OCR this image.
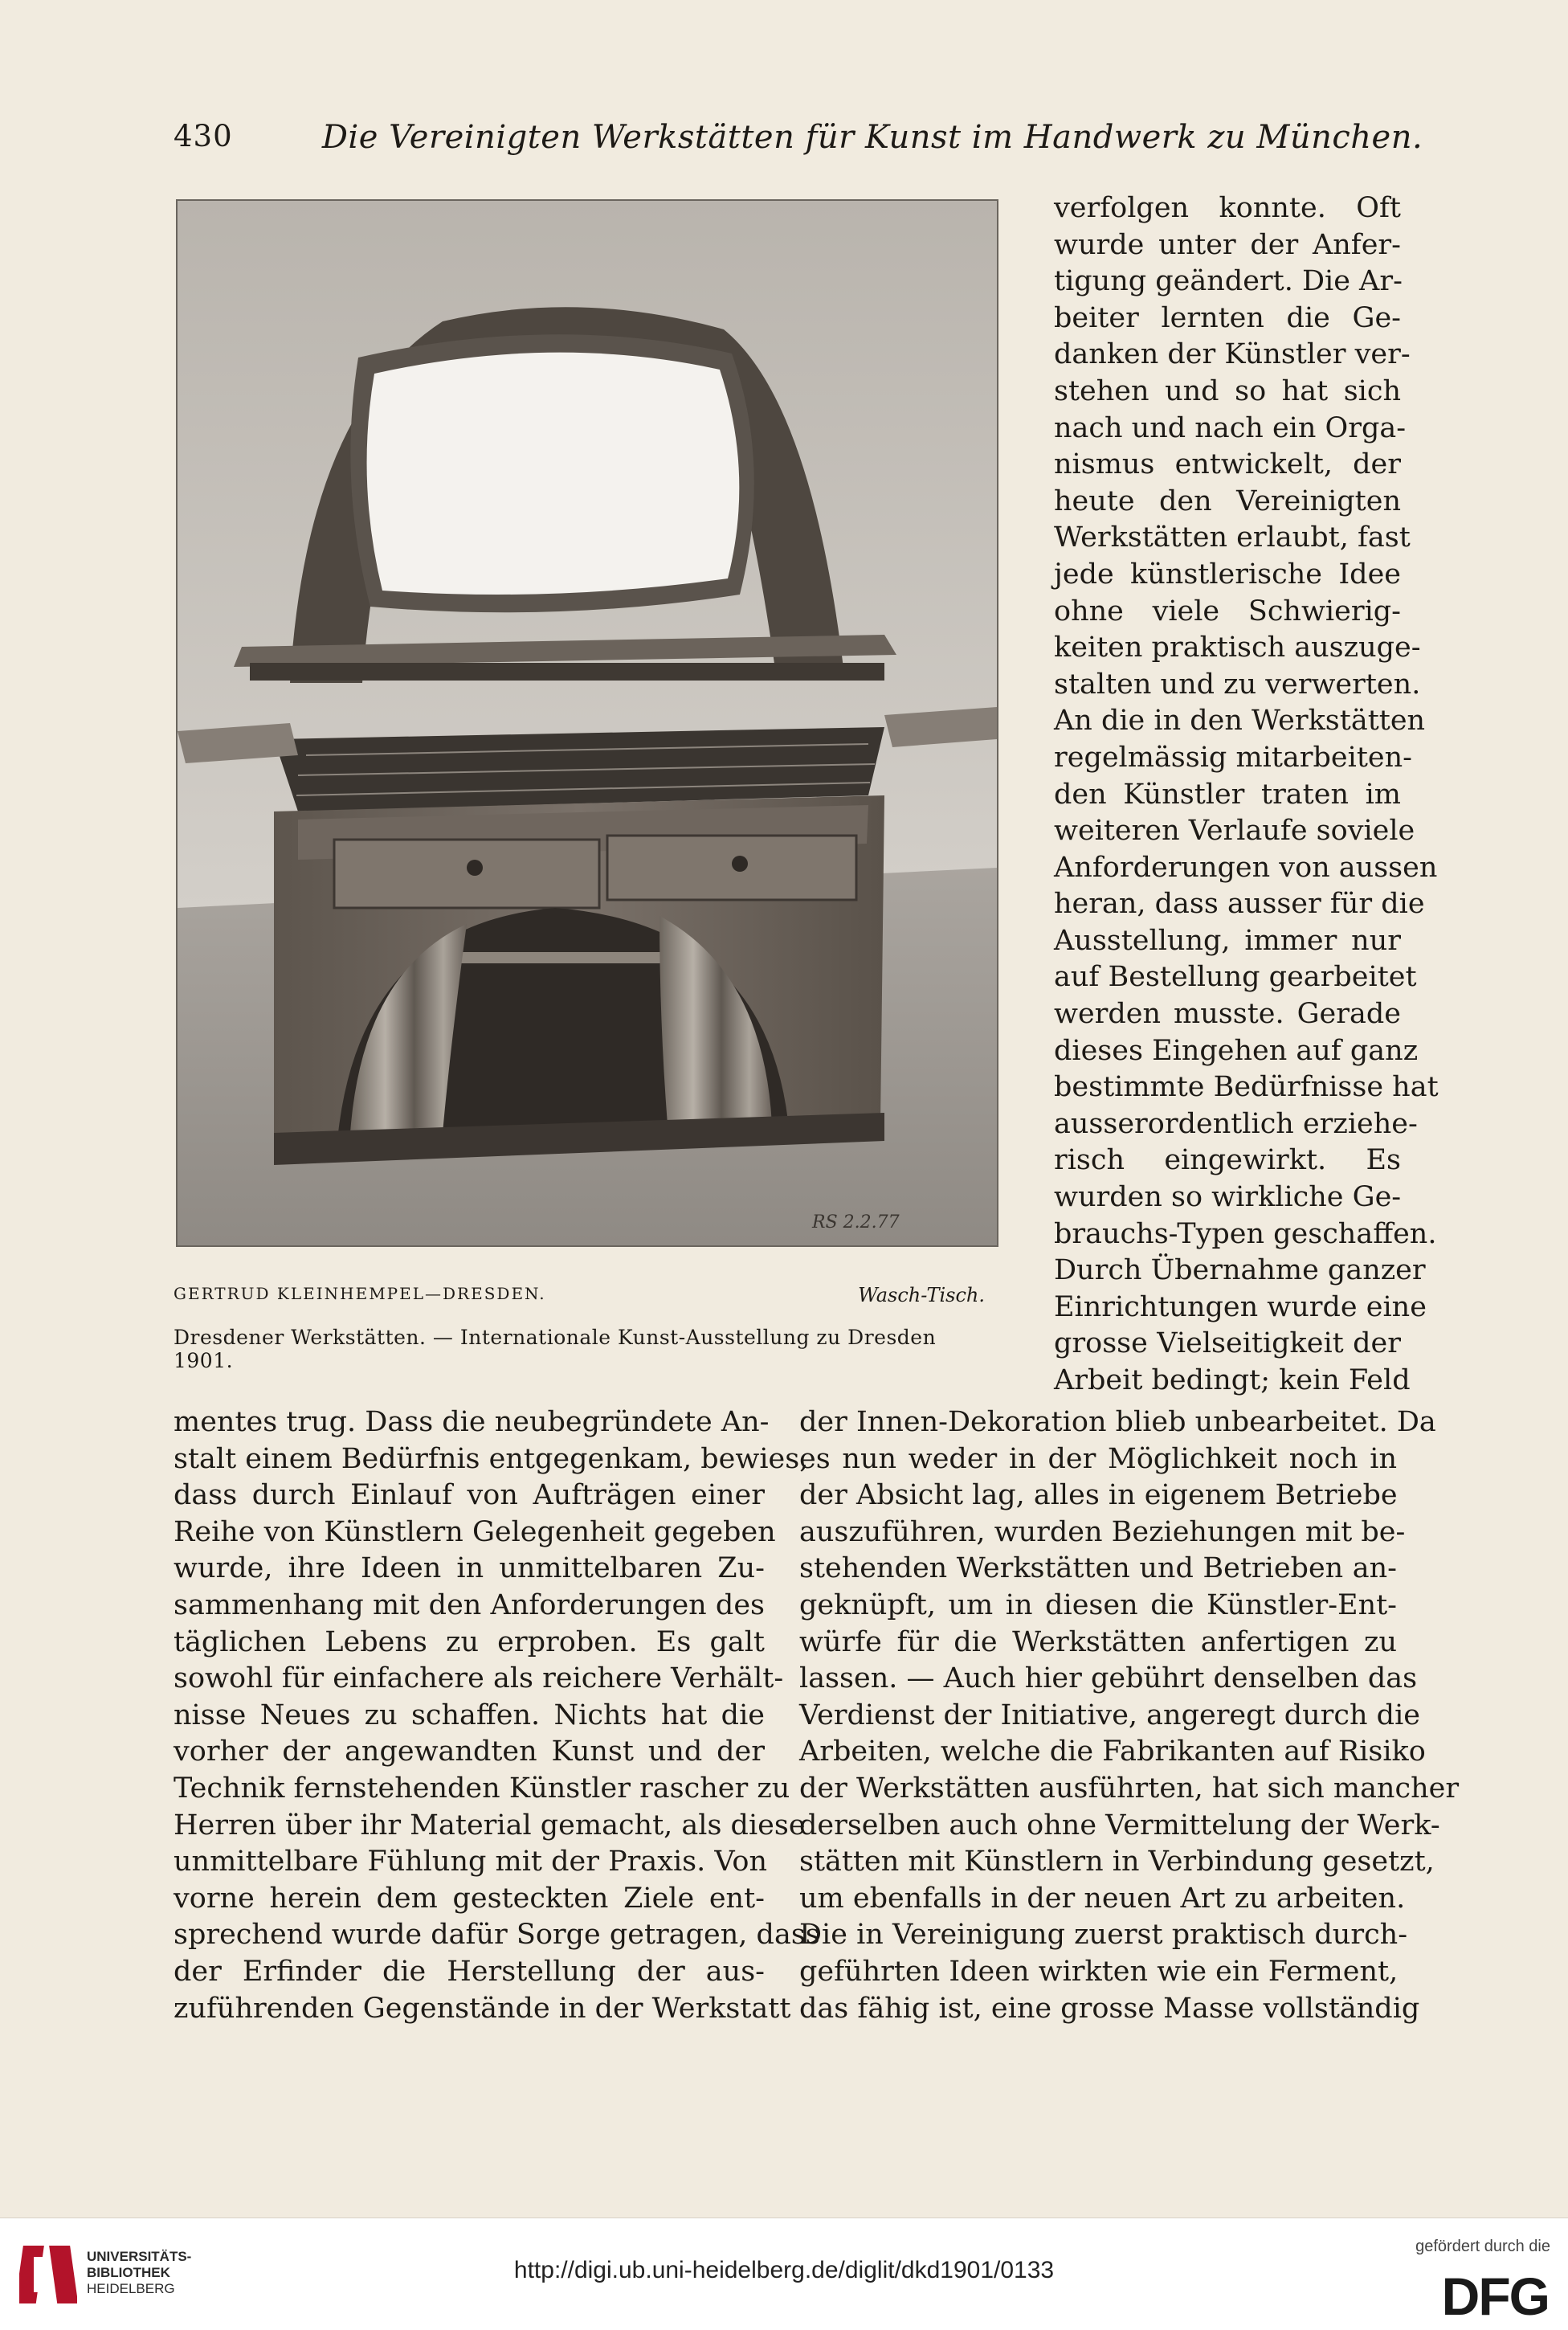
430	Die Vereinigten Werkstätten für Kunst im Handwerk zu München.
RS 2.2.77
GERTRUD KLEINHEMPEL—DRESDEN.	Wasch-Tisch.
Dresdener Werkstätten. — Internationale Kunst-Ausstellung zu Dresden 1901.
verfolgen konnte. Oft
wurde unter der Anfer-
tigung geändert. Die Ar-
beiter lernten die Ge-
danken der Künstler ver-
stehen und so hat sich
nach und nach ein Orga-
nismus entwickelt, der
heute den Vereinigten
Werkstätten erlaubt, fast
jede künstlerische Idee
ohne viele Schwierig-
keiten praktisch auszuge-
stalten und zu verwerten.
An die in den Werkstätten
regelmässig mitarbeiten-
den Künstler traten im
weiteren Verlaufe soviele
Anforderungen von aussen
heran, dass ausser für die
Ausstellung, immer nur
auf Bestellung gearbeitet
werden musste. Gerade
dieses Eingehen auf ganz
bestimmte Bedürfnisse hat
ausserordentlich erziehe-
risch eingewirkt. Es
wurden so wirkliche Ge-
brauchs-Typen geschaffen.
Durch Übernahme ganzer
Einrichtungen wurde eine
grosse Vielseitigkeit der
Arbeit bedingt; kein Feld
mentes trug. Dass die neubegründete An-
stalt einem Bedürfnis entgegenkam, bewies,
dass durch Einlauf von Aufträgen einer
Reihe von Künstlern Gelegenheit gegeben
wurde, ihre Ideen in unmittelbaren Zu-
sammenhang mit den Anforderungen des
täglichen Lebens zu erproben. Es galt
sowohl für einfachere als reichere Verhält-
nisse Neues zu schaffen. Nichts hat die
vorher der angewandten Kunst und der
Technik fernstehenden Künstler rascher zu
Herren über ihr Material gemacht, als diese
unmittelbare Fühlung mit der Praxis. Von
vorne herein dem gesteckten Ziele ent-
sprechend wurde dafür Sorge getragen, dass
der Erfinder die Herstellung der aus-
zuführenden Gegenstände in der Werkstatt
der Innen-Dekoration blieb unbearbeitet. Da
es nun weder in der Möglichkeit noch in
der Absicht lag, alles in eigenem Betriebe
auszuführen, wurden Beziehungen mit be-
stehenden Werkstätten und Betrieben an-
geknüpft, um in diesen die Künstler-Ent-
würfe für die Werkstätten anfertigen zu
lassen. — Auch hier gebührt denselben das
Verdienst der Initiative, angeregt durch die
Arbeiten, welche die Fabrikanten auf Risiko
der Werkstätten ausführten, hat sich mancher
derselben auch ohne Vermittelung der Werk-
stätten mit Künstlern in Verbindung gesetzt,
um ebenfalls in der neuen Art zu arbeiten.
Die in Vereinigung zuerst praktisch durch-
geführten Ideen wirkten wie ein Ferment,
das fähig ist, eine grosse Masse vollständig
UNIVERSITÄTS-
BIBLIOTHEK
HEIDELBERG
http://digi.ub.uni-heidelberg.de/diglit/dkd1901/0133
gefördert durch die
DFG
